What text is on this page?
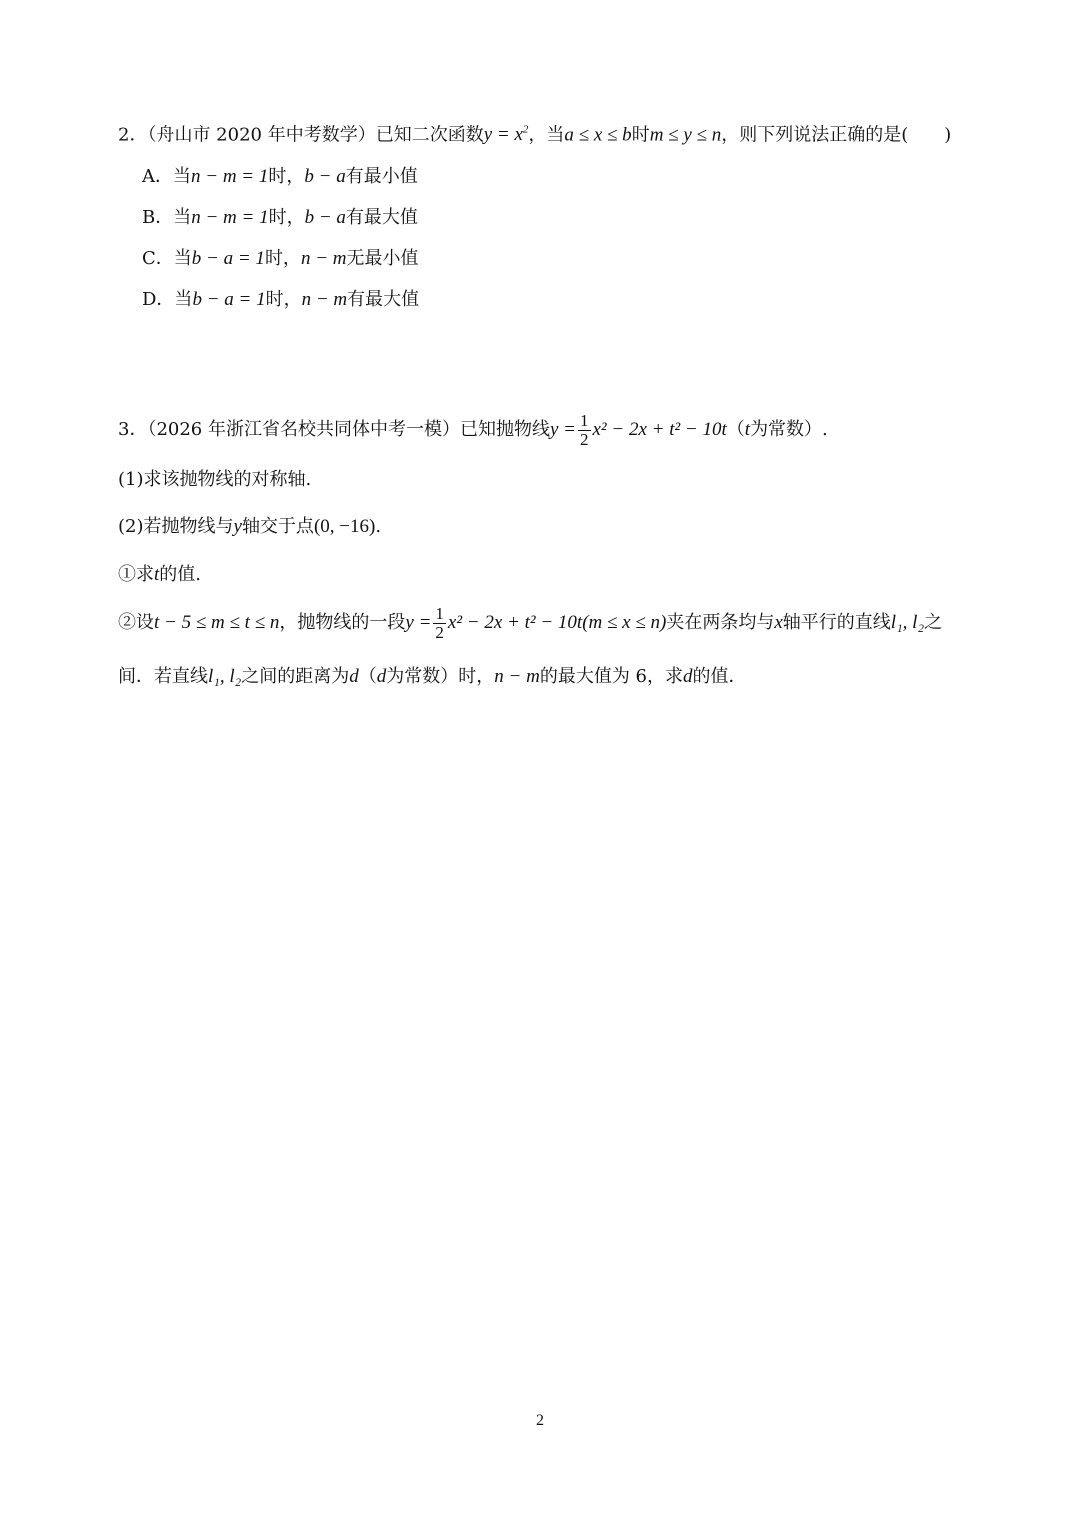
2．（舟山市 2020 年中考数学）已知二次函数$y = x^2$，当a ≤ x ≤ b时m ≤ y ≤ n，则下列说法正确的是(　　)
A．当n − m = 1时，b − a有最小值
B．当n − m = 1时，b − a有最大值
C．当b − a = 1时，n − m无最小值
D．当b − a = 1时，n − m有最大值
3．（2026 年浙江省名校共同体中考一模）已知抛物线$y = \frac{1}{2} x^2 - 2x + t^2 - 10t(t$为常数）.
(1)求该抛物线的对称轴.
(2)若抛物线与y轴交于点(0, −16).
①求t的值.
②设t − 5 ≤ m ≤ t ≤ n，抛物线的一段$y = \frac{1}{2} x^2 - 2x + t^2 - 10t(m \le x \le n)$夹在两条均与x轴平行的直线l₁, l₂之
间．若直线l₁, l₂之间的距离为d（d为常数）时，n − m的最大值为 6，求d的值．
2
